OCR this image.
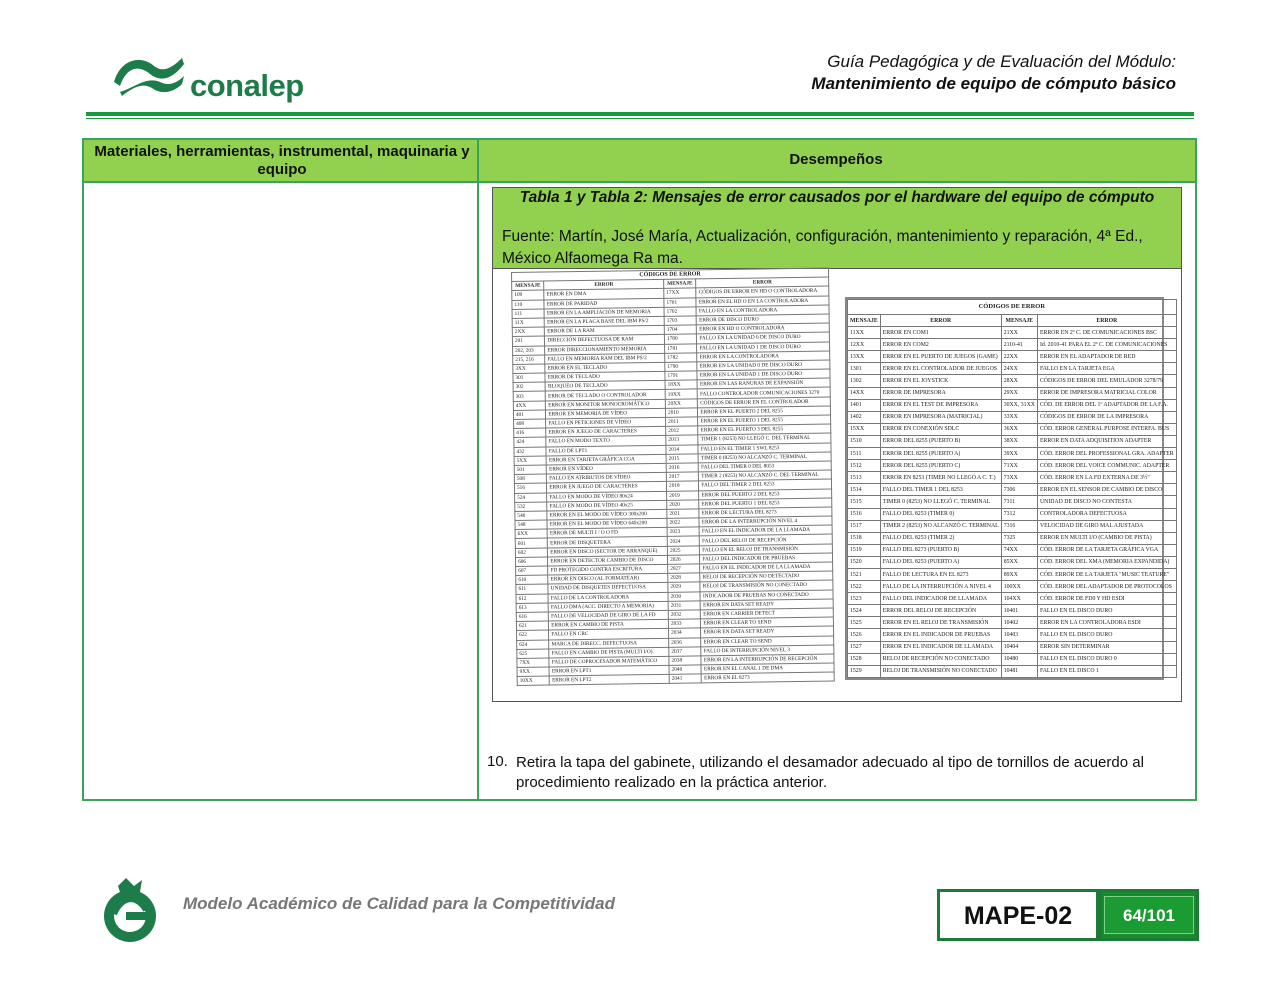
conalep
Guía Pedagógica y de Evaluación del Módulo:
Mantenimiento de equipo de cómputo básico
Materiales, herramientas, instrumental, maquinaria y equipo
Desempeños
Tabla 1 y Tabla 2: Mensajes de error causados por el hardware del equipo de cómputo
Fuente: Martín, José María, Actualización, configuración, mantenimiento y reparación, 4ª Ed., México Alfaomega Ra ma.
CÓDIGOS DE ERROR			
MENSAJE	ERROR	MENSAJE	ERROR
109	ERROR EN DMA	17XX	CÓDIGOS DE ERROR EN HD O CONTROLADORA
110	ERROR DE PARIDAD	1701	ERROR EN EL HD O EN LA CONTROLADORA
111	ERROR EN LA AMPLIACIÓN DE MEMORIA	1702	FALLO EN LA CONTROLADORA
11X	ERROR EN LA PLACA BASE DEL IBM PS/2	1703	ERROR DE DISCO DURO
2XX	ERROR DE LA RAM	1704	ERROR EN HD O CONTROLADORA
201	DIRECCIÓN DEFECTUOSA DE RAM	1780	FALLO EN LA UNIDAD 0 DE DISCO DURO
202, 203	ERROR DIRECCIONAMIENTO MEMORIA	1781	FALLO EN LA UNIDAD 1 DE DISCO DURO
215, 216	FALLO EN MEMORIA RAM DEL IBM PS/2	1782	ERROR EN LA CONTROLADORA
3XX	ERROR EN EL TECLADO	1790	ERROR EN LA UNIDAD 0 DE DISCO DURO
301	ERROR DE TECLADO	1791	ERROR EN LA UNIDAD 1 DE DISCO DURO
302	BLOQUEO DE TECLADO	18XX	ERROR EN LAS RANURAS DE EXPANSIÓN
303	ERROR DE TECLADO O CONTROLADOR	19XX	FALLO CONTROLADOR COMUNICACIONES 3270
4XX	ERROR EN MONITOR MONOCROMÁTICO	20XX	CÓDIGOS DE ERROR EN EL CONTROLADOR
401	ERROR EN MEMORIA DE VÍDEO	2010	ERROR EN EL PUERTO 2 DEL 8255
408	FALLO EN PETICIONES DE VÍDEO	2011	ERROR EN EL PUERTO 1 DEL 8255
416	ERROR EN JUEGO DE CARACTERES	2012	ERROR EN EL PUERTO 3 DEL 8255
424	FALLO EN MODO TEXTO	2013	TIMER 1 (8253) NO LLEGÓ C. DEL TERMINAL
432	FALLO DE LPT1	2014	FALLO EN EL TIMER 1 SWL 8253
5XX	ERROR EN TARJETA GRÁFICA CGA	2015	TIMER 0 (8253) NO ALCANZÓ C. TERMINAL
501	ERROR EN VÍDEO	2016	FALLO DEL TIMER 0 DEL 8053
508	FALLO EN ATRIBUTOS DE VÍDEO	2017	TIMER 2 (8253) NO ALCANZÓ C. DEL TERMINAL
516	ERROR EN JUEGO DE CARACTERES	2018	FALLO DEL TIMER 2 DEL 8253
524	FALLO EN MODO DE VÍDEO 80x24	2019	ERROR DEL PUERTO 2 DEL 8253
532	FALLO EN MODO DE VÍDEO 40x25	2020	ERROR DEL PUERTO 1 DEL 8253
540	ERROR EN EL MODO DE VÍDEO 300x200	2021	ERROR DE LECTURA DEL 8273
548	ERROR EN EL MODO DE VÍDEO 640x200	2022	ERROR DE LA INTERRUPCIÓN NIVEL 4
6XX	ERROR DE MULTI I / O O FD	2023	FALLO EN EL INDICADOR DE LA LLAMADA
601	ERROR DE DISQUETERA	2024	FALLO DEL RELOJ DE RECEPCIÓN
602	ERROR EN DISCO (SECTOR DE ARRANQUE)	2025	FALLO EN EL RELOJ DE TRANSMISIÓN
606	ERROR EN DETECTOR CAMBIO DE DISCO	2026	FALLO DEL INDICADOR DE PRUEBAS
607	FD PROTEGIDO CONTRA ESCRITURA	2027	FALLO EN EL INDICADOR DE LA LLAMADA
610	ERROR EN DISCO (AL FORMATEAR)	2028	RELOJ DE RECEPCIÓN NO DETECTADO
611	UNIDAD DE DISQUETES DEFECTUOSA	2029	RELOJ DE TRANSMISIÓN NO CONECTADO
612	FALLO DE LA CONTROLADORA	2030	INDICADOR DE PRUEBAS NO CONECTADO
613	FALLO DMA (ACC. DIRECTO A MEMORIA)	2031	ERROR EN DATA SET READY
616	FALLO DE VELOCIDAD DE GIRO DE LA FD	2032	ERROR EN CARRIER DETECT
621	ERROR EN CAMBIO DE PISTA	2033	ERROR EN CLEAR TO SEND
622	FALLO EN CRC	2034	ERROR EN DATA SET READY
624	MARCA DE DIRECC. DEFECTUOSA	2036	ERROR EN CLEAR TO SEND
625	FALLO EN CAMBIO DE PISTA (MULTI I/O)	2037	FALLO DE INTERRUPCIÓN NIVEL 3
7XX	FALLO DE COPROCESADOR MATEMÁTICO	2038	ERROR EN LA INTERRUPCIÓN DE RECEPCIÓN
9XX	ERROR EN LPT1	2040	ERROR EN EL CANAL 1 DE DMA
10XX	ERROR EN LPT2	2041	ERROR EN EL 8273
CÓDIGOS DE ERROR			
MENSAJE	ERROR	MENSAJE	ERROR
11XX	ERROR EN COM1	21XX	ERROR EN 2º C. DE COMUNICACIONES BSC
12XX	ERROR EN COM2	2110-41	Id. 2010-41 PARA EL 2º C. DE COMUNICACIONES
13XX	ERROR EN EL PUERTO DE JUEGOS (GAME)	22XX	ERROR EN EL ADAPTADOR DE RED
1301	ERROR EN EL CONTROLADOR DE JUEGOS	24XX	FALLO EN LA TARJETA EGA
1302	ERROR EN EL JOYSTICK	28XX	CÓDIGOS DE ERROR DEL EMULADOR 3278/79
14XX	ERROR DE IMPRESORA	29XX	ERROR DE IMPRESORA MATRICIAL COLOR
1401	ERROR EN EL TEST DE IMPRESORA	30XX, 31XX	CÓD. DE ERROR DEL 1º ADAPTADOR DE LA F.A.
1402	ERROR EN IMPRESORA (MATRICIAL)	33XX	CÓDIGOS DE ERROR DE LA IMPRESORA
15XX	ERROR EN CONEXIÓN SDLC	36XX	CÓD. ERROR GENERAL PURPOSE INTERFA. BUS
1510	ERROR DEL 8255 (PUERTO B)	38XX	ERROR EN DATA ADQUISITION ADAPTER
1511	ERROR DEL 8255 (PUERTO A)	39XX	CÓD. ERROR DEL PROFESSIONAL GRA. ADAPTER
1512	ERROR DEL 8255 (PUERTO C)	71XX	CÓD. ERROR DEL VOICE COMMUNIC. ADAPTER
1513	ERROR EN 8253 (TIMER NO LLEGÓ A C. T.)	73XX	CÓD. ERROR EN LA FD EXTERNA DE 3½"
1514	FALLO DEL TIMER 1 DEL 8253	7306	ERROR EN EL SENSOR DE CAMBIO DE DISCO
1515	TIMER 0 (8253) NO LLEGÓ C. TERMINAL	7311	UNIDAD DE DISCO NO CONTESTA
1516	FALLO DEL 8253 (TIMER 0)	7312	CONTROLADORA DEFECTUOSA
1517	TIMER 2 (8253) NO ALCANZÓ C. TERMINAL	7316	VELOCIDAD DE GIRO MAL AJUSTADA
1518	FALLO DEL 8253 (TIMER 2)	7325	ERROR EN MULTI I/O (CAMBIO DE PISTA)
1519	FALLO DEL 8273 (PUERTO B)	74XX	CÓD. ERROR DE LA TARJETA GRÁFICA VGA
1520	FALLO DEL 8253 (PUERTO A)	85XX	CÓD. ERROR DEL XMA (MEMORIA EXPANDIDA)
1521	FALLO DE LECTURA EN EL 8273	89XX	CÓD. ERROR DE LA TARJETA "MUSIC TEATURE"
1522	FALLO DE LA INTERRUPCIÓN A NIVEL 4	100XX	CÓD. ERROR DEL ADAPTADOR DE PROTOCOLOS
1523	FALLO DEL INDICADOR DE LLAMADA	104XX	CÓD. ERROR DE FD0 Y HD ESDI
1524	ERROR DEL RELOJ DE RECEPCIÓN	10401	FALLO EN EL DISCO DURO
1525	ERROR EN EL RELOJ DE TRANSMISIÓN	10402	ERROR EN LA CONTROLADORA ESDI
1526	ERROR EN EL INDICADOR DE PRUEBAS	10403	FALLO EN EL DISCO DURO
1527	ERROR EN EL INDICADOR DE LLAMADA	10404	ERROR SIN DETERMINAR
1528	RELOJ DE RECEPCIÓN NO CONECTADO	10480	FALLO EN EL DISCO DURO 0
1529	RELOJ DE TRANSMISIÓN NO CONECTADO	10481	FALLO EN EL DISCO 1
10. Retira la tapa del gabinete, utilizando el desamador adecuado al tipo de tornillos de acuerdo al procedimiento realizado en la práctica anterior.
Modelo Académico de Calidad para la Competitividad	MAPE-02	64/101
